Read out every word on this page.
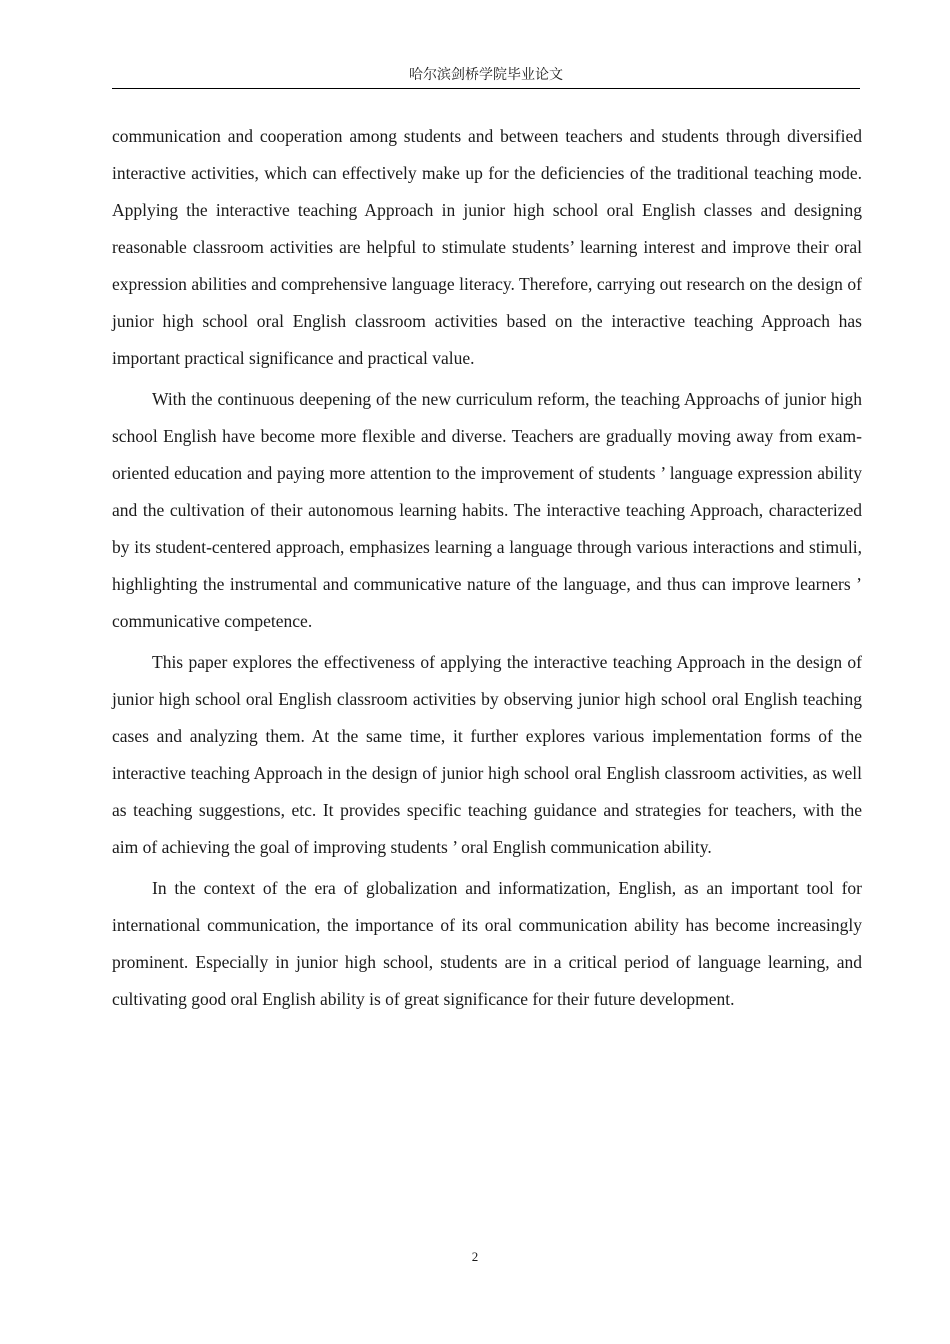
哈尔滨剑桥学院毕业论文

communication and cooperation among students and between teachers and students through diversified interactive activities, which can effectively make up for the deficiencies of the traditional teaching mode. Applying the interactive teaching Approach in junior high school oral English classes and designing reasonable classroom activities are helpful to stimulate students’ learning interest and improve their oral expression abilities and comprehensive language literacy. Therefore, carrying out research on the design of junior high school oral English classroom activities based on the interactive teaching Approach has important practical significance and practical value.

With the continuous deepening of the new curriculum reform, the teaching Approachs of junior high school English have become more flexible and diverse. Teachers are gradually moving away from exam-oriented education and paying more attention to the improvement of students ’ language expression ability and the cultivation of their autonomous learning habits. The interactive teaching Approach, characterized by its student-centered approach, emphasizes learning a language through various interactions and stimuli, highlighting the instrumental and communicative nature of the language, and thus can improve learners ’ communicative competence.

This paper explores the effectiveness of applying the interactive teaching Approach in the design of junior high school oral English classroom activities by observing junior high school oral English teaching cases and analyzing them. At the same time, it further explores various implementation forms of the interactive teaching Approach in the design of junior high school oral English classroom activities, as well as teaching suggestions, etc. It provides specific teaching guidance and strategies for teachers, with the aim of achieving the goal of improving students ’ oral English communication ability.

In the context of the era of globalization and informatization, English, as an important tool for international communication, the importance of its oral communication ability has become increasingly prominent. Especially in junior high school, students are in a critical period of language learning, and cultivating good oral English ability is of great significance for their future development.

2
